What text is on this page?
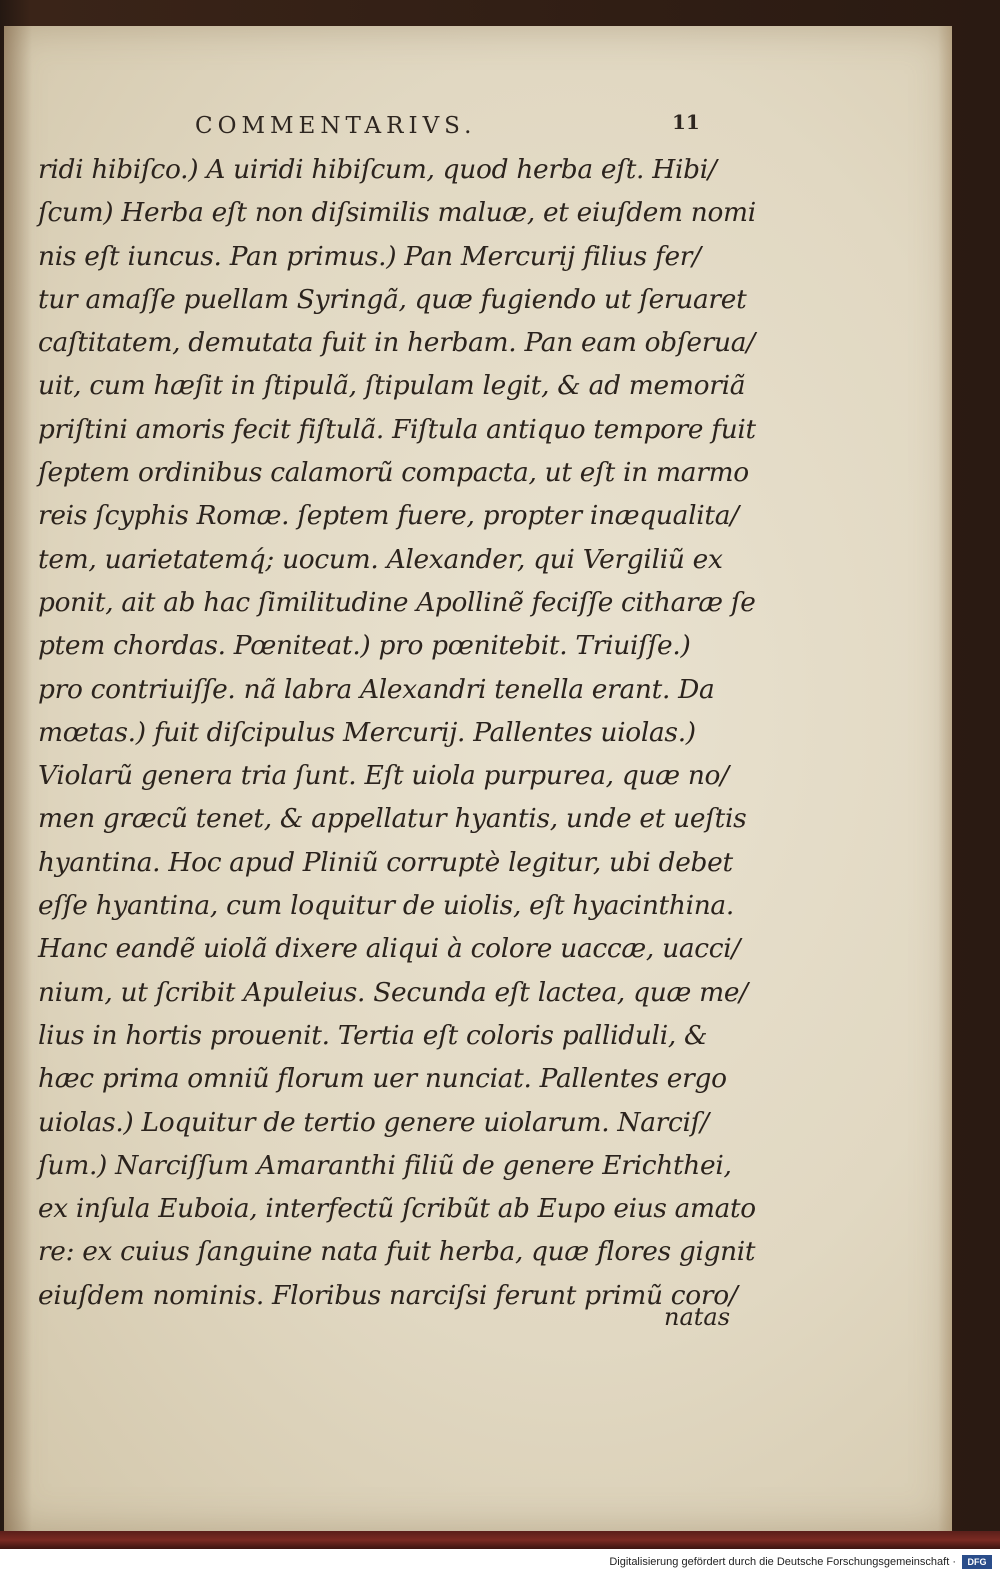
COMMENTARIVS.	11
ridi hibiſco.) A uiridi hibiſcum, quod herba eſt. Hibi/
ſcum) Herba eſt non diſsimilis maluæ, et eiuſdem nomi
nis eſt iuncus. Pan primus.) Pan Mercurij filius fer/
tur amaſſe puellam Syringã, quæ fugiendo ut ſeruaret
caſtitatem, demutata fuit in herbam. Pan eam obſerua/
uit, cum hæſit in ſtipulã, ſtipulam legit, & ad memoriã
priſtini amoris fecit fiſtulã. Fiſtula antiquo tempore fuit
ſeptem ordinibus calamorũ compacta, ut eſt in marmo
reis ſcyphis Romæ. ſeptem fuere, propter inæqualita/
tem, uarietatemq́; uocum. Alexander, qui Vergiliũ ex
ponit, ait ab hac ſimilitudine Apollinẽ feciſſe citharæ ſe
ptem chordas. Pœniteat.) pro pœnitebit. Triuiſſe.)
pro contriuiſſe. nã labra Alexandri tenella erant. Da
mœtas.) fuit diſcipulus Mercurij. Pallentes uiolas.)
Violarũ genera tria ſunt. Eſt uiola purpurea, quæ no/
men græcũ tenet, & appellatur hyantis, unde et ueſtis
hyantina. Hoc apud Pliniũ corruptè legitur, ubi debet
eſſe hyantina, cum loquitur de uiolis, eſt hyacinthina.
Hanc eandẽ uiolã dixere aliqui à colore uaccæ, uacci/
nium, ut ſcribit Apuleius. Secunda eſt lactea, quæ me/
lius in hortis prouenit. Tertia eſt coloris palliduli, &
hæc prima omniũ florum uer nunciat. Pallentes ergo
uiolas.) Loquitur de tertio genere uiolarum. Narciſ/
ſum.) Narciſſum Amaranthi filiũ de genere Erichthei,
ex inſula Euboia, interfectũ ſcribũt ab Eupo eius amato
re: ex cuius ſanguine nata fuit herba, quæ flores gignit
eiuſdem nominis. Floribus narciſsi ferunt primũ coro/
natas
Digitalisierung gefördert durch die Deutsche Forschungsgemeinschaft ·	DFG
